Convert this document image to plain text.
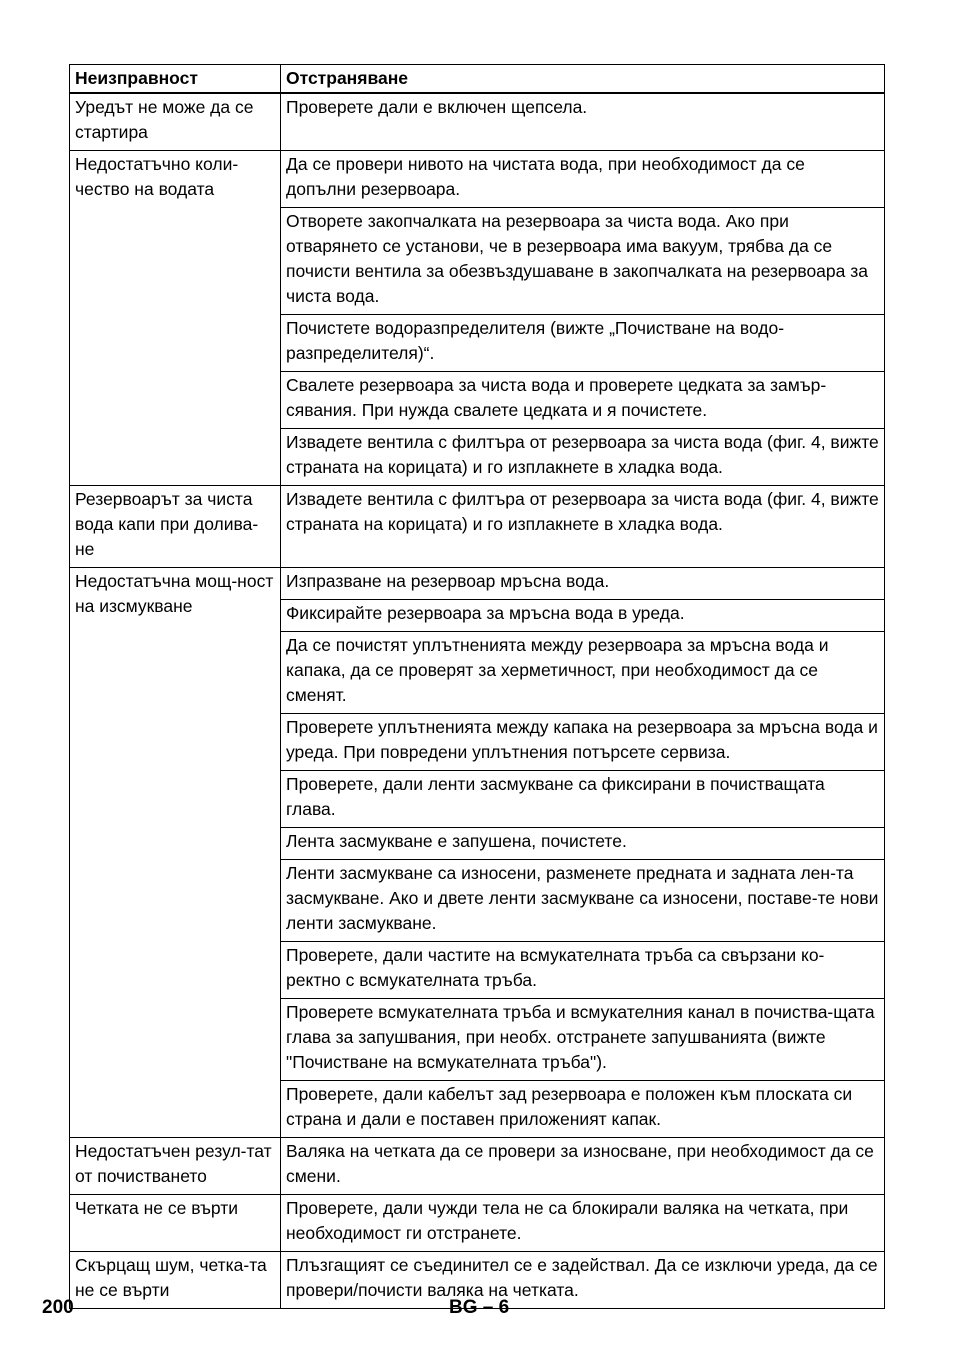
Неизправност	Отстраняване
Уредът не може да се стартира	Проверете дали е включен щепсела.
Недостатъчно коли-чество на водата	Да се провери нивото на чистата вода, при необходимост да се допълни резервоара.
	Отворете закопчалката на резервоара за чиста вода. Ако при отварянето се установи, че в резервоара има вакуум, трябва да се почисти вентила за обезвъздушаване в закопчалката на резервоара за чиста вода.
	Почистете водоразпределителя (вижте „Почистване на водо-разпределителя)“.
	Свалете резервоара за чиста вода и проверете цедката за замър-сявания. При нужда свалете цедката и я почистете.
	Извадете вентила с филтъра от резервоара за чиста вода (фиг. 4, вижте страната на корицата) и го изплакнете в хладка вода.
Резервоарът за чиста вода капи при долива-не	Извадете вентила с филтъра от резервоара за чиста вода (фиг. 4, вижте страната на корицата) и го изплакнете в хладка вода.
Недостатъчна мощ-ност на изсмукване	Изпразване на резервоар мръсна вода.
	Фиксирайте резервоара за мръсна вода в уреда.
	Да се почистят уплътненията между резервоара за мръсна вода и капака, да се проверят за херметичност, при необходимост да се сменят.
	Проверете уплътненията между капака на резервоара за мръсна вода и уреда. При повредени уплътнения потърсете сервиза.
	Проверете, дали ленти засмукване са фиксирани в почистващата глава.
	Лента засмукване е запушена, почистете.
	Ленти засмукване са износени, разменете предната и задната лен-та засмукване. Ако и двете ленти засмукване са износени, поставе-те нови ленти засмукване.
	Проверете, дали частите на всмукателната тръба са свързани ко-ректно с всмукателната тръба.
	Проверете всмукателната тръба и всмукателния канал в почиства-щата глава за запушвания, при необх. отстранете запушванията (вижте "Почистване на всмукателната тръба").
	Проверете, дали кабелът зад резервоара е положен към плоската си страна и дали е поставен приложеният капак.
Недостатъчен резул-тат от почистването	Валяка на четката да се провери за износване, при необходимост да се смени.
Четката не се върти	Проверете, дали чужди тела не са блокирали валяка на четката, при необходимост ги отстранете.
Скърцащ шум, четка-та не се върти	Плъзгащият се съединител се е задействал. Да се изключи уреда, да се провери/почисти валяка на четката.
200	BG – 6
